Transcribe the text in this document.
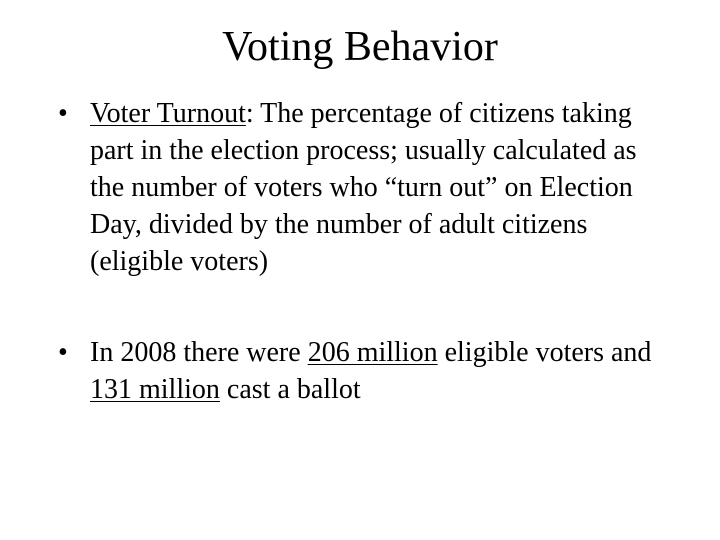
Voting Behavior
• Voter Turnout: The percentage of citizens taking part in the election process; usually calculated as the number of voters who “turn out” on Election Day, divided by the number of adult citizens (eligible voters)
• In 2008 there were 206 million eligible voters and 131 million cast a ballot
